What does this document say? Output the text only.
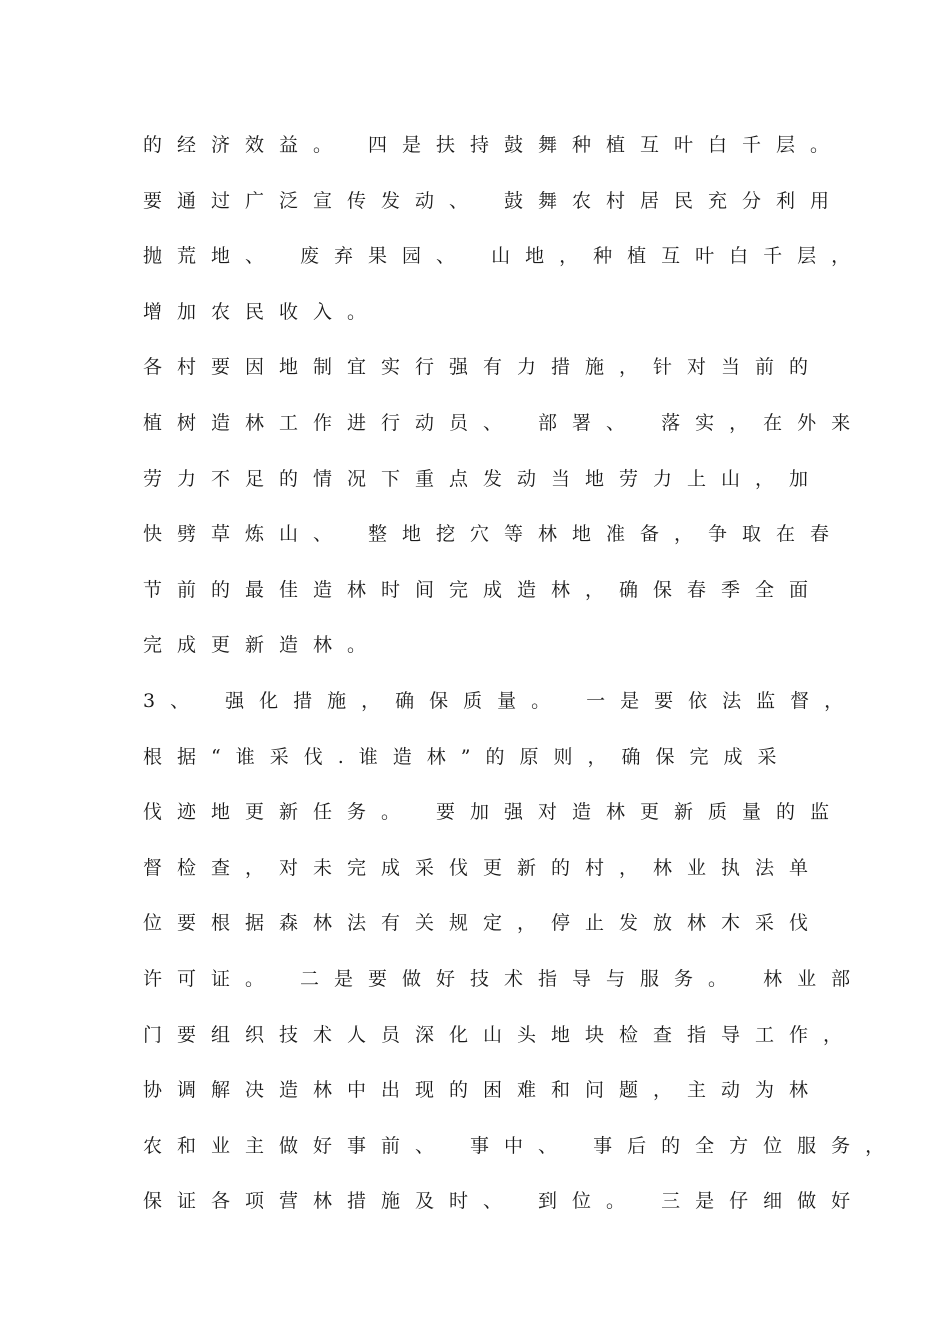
的经济效益。 四是扶持鼓舞种植互叶白千层。
要通过广泛宣传发动、 鼓舞农村居民充分利用
抛荒地、 废弃果园、 山地，种植互叶白千层，
增加农民收入。
各村要因地制宜实行强有力措施，针对当前的
植树造林工作进行动员、 部署、 落实，在外来
劳力不足的情况下重点发动当地劳力上山，加
快劈草炼山、 整地挖穴等林地准备，争取在春
节前的最佳造林时间完成造林，确保春季全面
完成更新造林。
3、 强化措施，确保质量。 一是要依法监督，
根据“谁采伐.谁造林”的原则，确保完成采
伐迹地更新任务。 要加强对造林更新质量的监
督检查，对未完成采伐更新的村，林业执法单
位要根据森林法有关规定，停止发放林木采伐
许可证。 二是要做好技术指导与服务。 林业部
门要组织技术人员深化山头地块检查指导工作，
协调解决造林中出现的困难和问题，主动为林
农和业主做好事前、 事中、 事后的全方位服务，
保证各项营林措施及时、 到位。 三是仔细做好
